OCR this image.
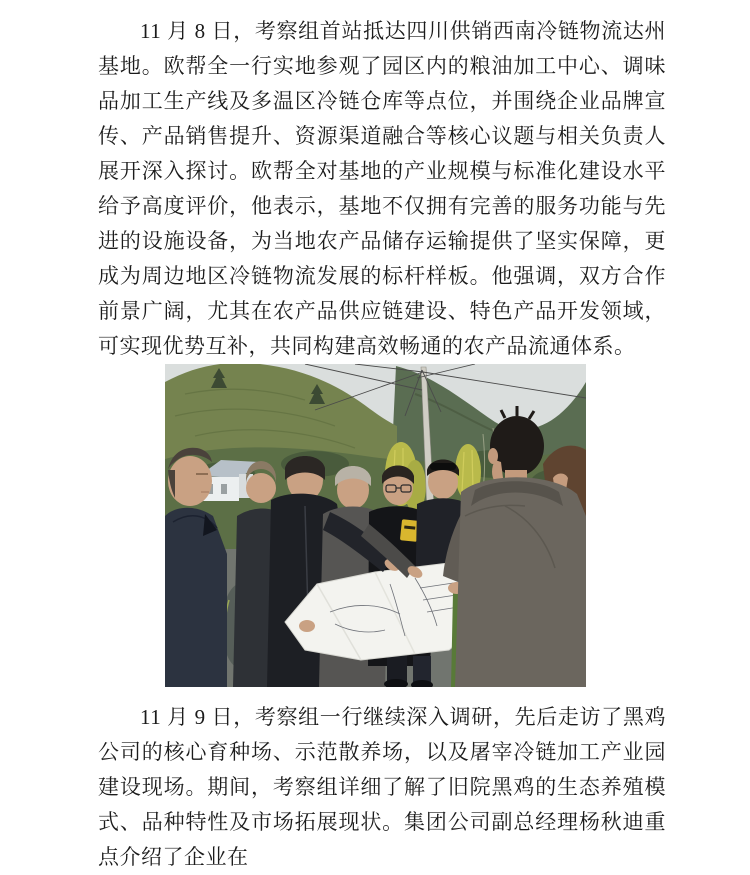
11 月 8 日，考察组首站抵达四川供销西南冷链物流达州基地。欧帮全一行实地参观了园区内的粮油加工中心、调味品加工生产线及多温区冷链仓库等点位，并围绕企业品牌宣传、产品销售提升、资源渠道融合等核心议题与相关负责人展开深入探讨。欧帮全对基地的产业规模与标准化建设水平给予高度评价，他表示，基地不仅拥有完善的服务功能与先进的设施设备，为当地农产品储存运输提供了坚实保障，更成为周边地区冷链物流发展的标杆样板。他强调，双方合作前景广阔，尤其在农产品供应链建设、特色产品开发领域，可实现优势互补，共同构建高效畅通的农产品流通体系。

11 月 9 日，考察组一行继续深入调研，先后走访了黑鸡公司的核心育种场、示范散养场，以及屠宰冷链加工产业园建设现场。期间，考察组详细了解了旧院黑鸡的生态养殖模式、品种特性及市场拓展现状。集团公司副总经理杨秋迪重点介绍了企业在
